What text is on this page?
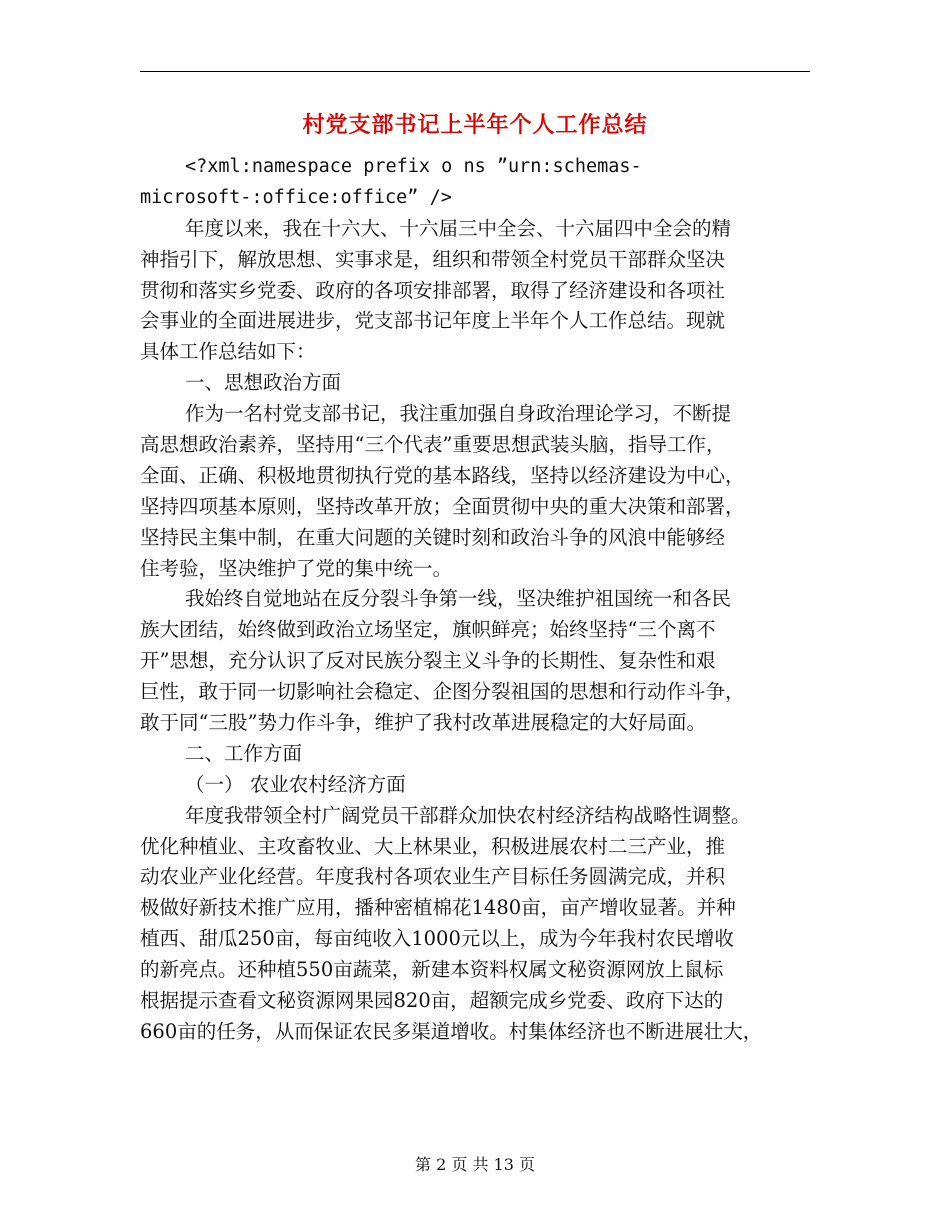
村党支部书记上半年个人工作总结
<?xml:namespace prefix o ns ”urn:schemas-
microsoft-:office:office” />
年度以来，我在十六大、十六届三中全会、十六届四中全会的精
神指引下，解放思想、实事求是，组织和带领全村党员干部群众坚决
贯彻和落实乡党委、政府的各项安排部署，取得了经济建设和各项社
会事业的全面进展进步，党支部书记年度上半年个人工作总结。现就
具体工作总结如下：
一、思想政治方面
作为一名村党支部书记，我注重加强自身政治理论学习，不断提
高思想政治素养，坚持用“三个代表”重要思想武装头脑，指导工作，
全面、正确、积极地贯彻执行党的基本路线，坚持以经济建设为中心，
坚持四项基本原则，坚持改革开放；全面贯彻中央的重大决策和部署，
坚持民主集中制，在重大问题的关键时刻和政治斗争的风浪中能够经
住考验，坚决维护了党的集中统一。
我始终自觉地站在反分裂斗争第一线，坚决维护祖国统一和各民
族大团结，始终做到政治立场坚定，旗帜鲜亮；始终坚持“三个离不
开”思想，充分认识了反对民族分裂主义斗争的长期性、复杂性和艰
巨性，敢于同一切影响社会稳定、企图分裂祖国的思想和行动作斗争，
敢于同“三股”势力作斗争，维护了我村改革进展稳定的大好局面。
二、工作方面
（一） 农业农村经济方面
年度我带领全村广阔党员干部群众加快农村经济结构战略性调整。
优化种植业、主攻畜牧业、大上林果业，积极进展农村二三产业，推
动农业产业化经营。年度我村各项农业生产目标任务圆满完成，并积
极做好新技术推广应用，播种密植棉花1480亩，亩产增收显著。并种
植西、甜瓜250亩，每亩纯收入1000元以上，成为今年我村农民增收
的新亮点。还种植550亩蔬菜，新建本资料权属文秘资源网放上鼠标
根据提示查看文秘资源网果园820亩，超额完成乡党委、政府下达的
660亩的任务，从而保证农民多渠道增收。村集体经济也不断进展壮大，
第 2 页 共 13 页
